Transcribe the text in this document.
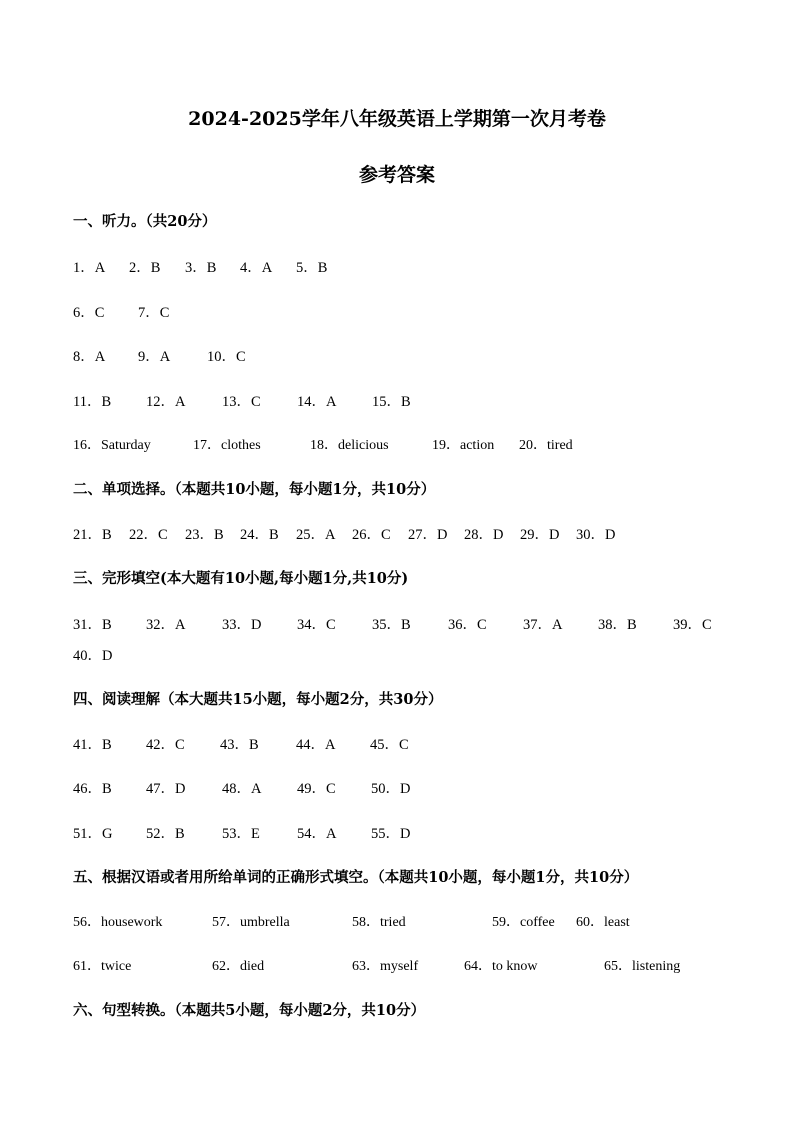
2024-2025学年八年级英语上学期第一次月考卷
参考答案
一、听力。（共20分）
1．A 2．B 3．B 4．A 5．B
6．C 7．C
8．A 9．A	10．C
11．B 12．A	13．C	14．A 15．B
16．Saturday	17．clothes	18．delicious	19．action 20．tired
二、单项选择。（本题共10小题，每小题1分，共10分）
21．B 22．C 23．B 24．B 25．A 26．C 27．D 28．D 29．D 30．D
三、完形填空(本大题有10小题,每小题1分,共10分)
31．B 32．A	33．D 34．C	35．B	36．C	37．A 38．B	39．C
40．D
四、阅读理解（本大题共15小题，每小题2分，共30分）
41．B 42．C 43．B	44．A 45．C
46．B 47．D	48．A 49．C 50．D
51．G 52．B	53．E	54．A 55．D
五、根据汉语或者用所给单词的正确形式填空。（本题共10小题，每小题1分，共10分）
56．housework	57．umbrella	58．tried	59．coffee 60．least
61．twice	62．died	63．myself	64．to know	65．listening
六、句型转换。（本题共5小题，每小题2分，共10分）
